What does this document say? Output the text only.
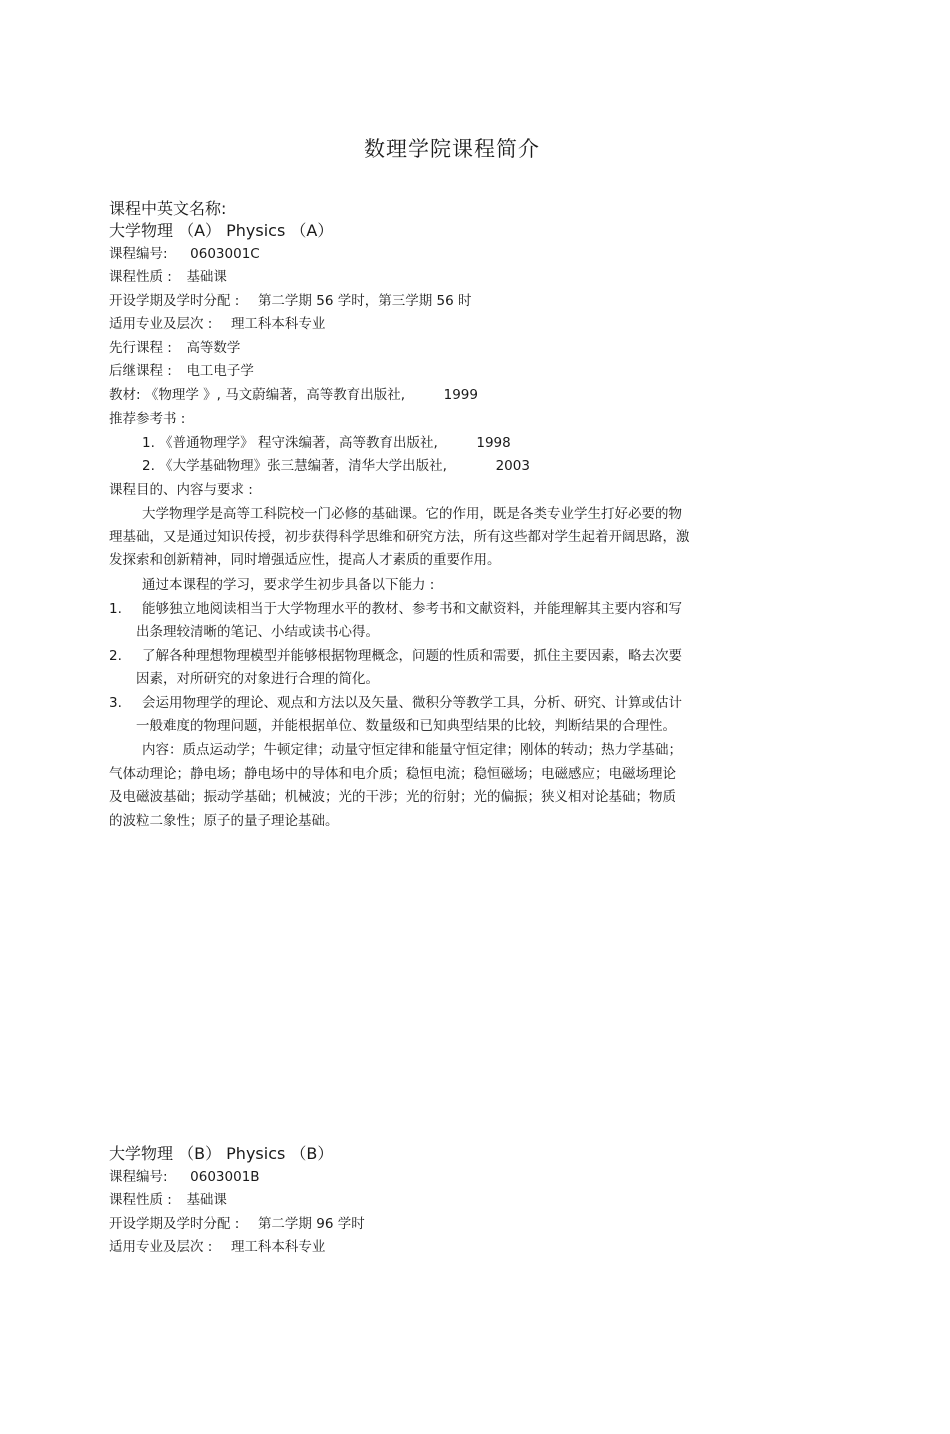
数理学院课程简介
课程中英文名称:
大学物理 （A） Physics （A）
课程编号: 0603001C
课程性质 : 基础课
开设学期及学时分配 : 第二学期 56 学时，第三学期 56 时
适用专业及层次 : 理工科本科专业
先行课程 : 高等数学
后继课程 : 电工电子学
教材: 《物理学 》, 马文蔚编著，高等教育出版社,	1999
推荐参考书 :
1. 《普通物理学》 程守洙编著，高等教育出版社,	1998
2. 《大学基础物理》张三慧编著，清华大学出版社,	2003
课程目的、内容与要求 :
大学物理学是高等工科院校一门必修的基础课。它的作用，既是各类专业学生打好必要的物
理基础，又是通过知识传授，初步获得科学思维和研究方法，所有这些都对学生起着开阔思路，激
发探索和创新精神，同时增强适应性，提高人才素质的重要作用。
通过本课程的学习，要求学生初步具备以下能力 :
1. 能够独立地阅读相当于大学物理水平的教材、参考书和文献资料，并能理解其主要内容和写
出条理较清晰的笔记、小结或读书心得。
2. 了解各种理想物理模型并能够根据物理概念，问题的性质和需要，抓住主要因素，略去次要
因素，对所研究的对象进行合理的简化。
3. 会运用物理学的理论、观点和方法以及矢量、微积分等教学工具，分析、研究、计算或估计
一般难度的物理问题，并能根据单位、数量级和已知典型结果的比较，判断结果的合理性。
内容：质点运动学；牛顿定律；动量守恒定律和能量守恒定律；刚体的转动；热力学基础；
气体动理论；静电场；静电场中的导体和电介质；稳恒电流；稳恒磁场；电磁感应；电磁场理论
及电磁波基础；振动学基础；机械波；光的干涉；光的衍射；光的偏振；狭义相对论基础；物质
的波粒二象性；原子的量子理论基础。
大学物理 （B） Physics （B）
课程编号: 0603001B
课程性质 : 基础课
开设学期及学时分配 : 第二学期 96 学时
适用专业及层次 : 理工科本科专业
